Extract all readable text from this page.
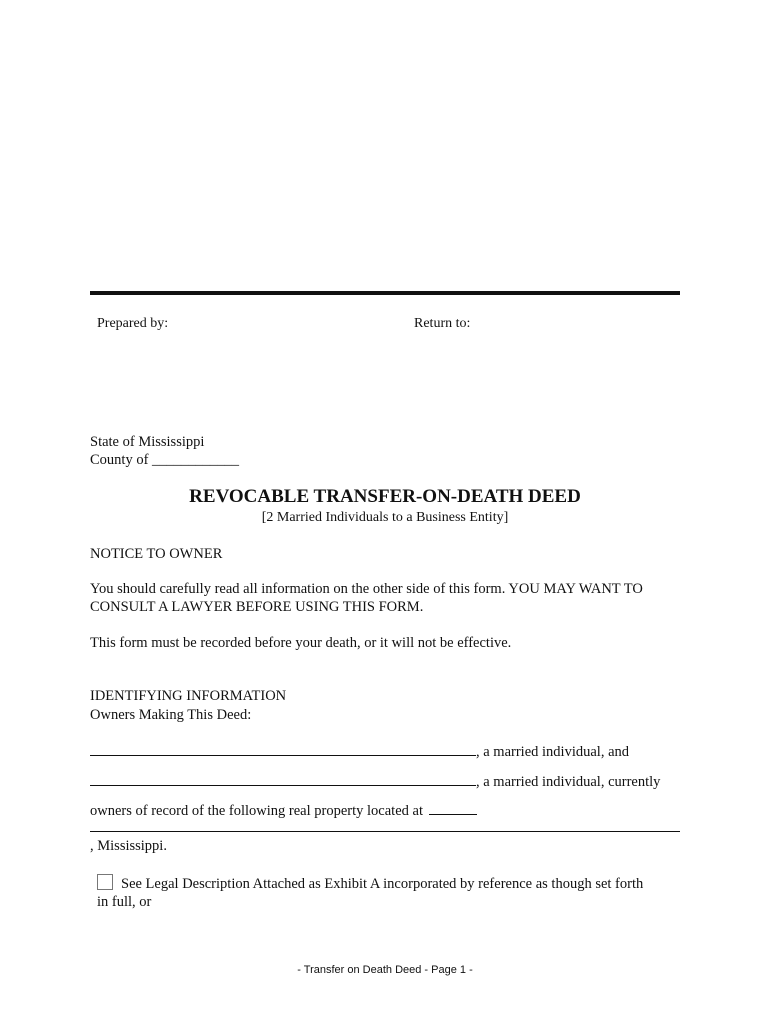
Prepared by:	Return to:
State of Mississippi
County of ____________
REVOCABLE TRANSFER-ON-DEATH DEED
[2 Married Individuals to a Business Entity]
NOTICE TO OWNER
You should carefully read all information on the other side of this form. YOU MAY WANT TO
CONSULT A LAWYER BEFORE USING THIS FORM.
This form must be recorded before your death, or it will not be effective.
IDENTIFYING INFORMATION
Owners Making This Deed:
, a married individual, and
, a married individual, currently
owners of record of the following real property located at
, Mississippi.
See Legal Description Attached as Exhibit A incorporated by reference as though set forth
in full, or
- Transfer on Death Deed - Page 1 -
